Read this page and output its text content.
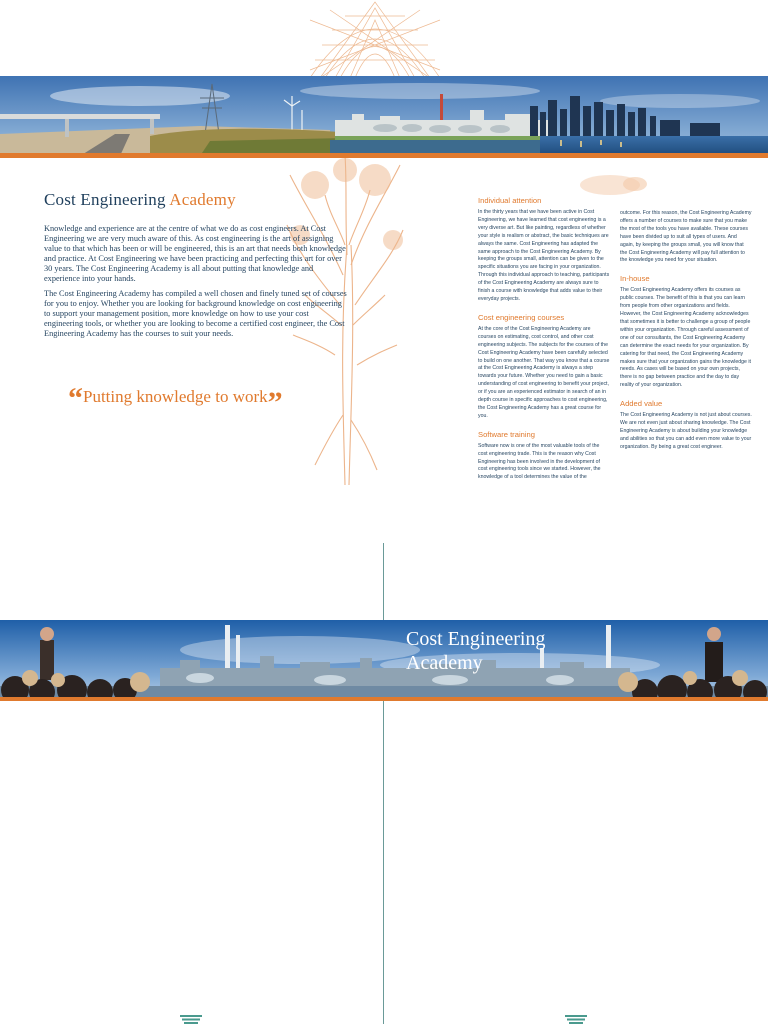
Cost Engineering Academy

Knowledge and experience are at the centre of what we do as cost engineers. At Cost Engineering we are very much aware of this. As cost engineering is the art of assigning value to that which has been or will be engineered, this is an art that needs both knowledge and practice. At Cost Engineering we have been practicing and perfecting this art for over 30 years. The Cost Engineering Academy is all about putting that knowledge and experience into your hands.

The Cost Engineering Academy has compiled a well chosen and finely tuned set of courses for you to enjoy. Whether you are looking for background knowledge on cost engineering to support your management position, more knowledge on how to use your cost engineering tools, or whether you are looking to become a certified cost engineer, the Cost Engineering Academy has the courses to suit your needs.

“Putting knowledge to work”
Individual attention

In the thirty years that we have been active in Cost Engineering, we have learned that cost engineering is a very diverse art. But like painting, regardless of whether your style is realism or abstract, the basic techniques are always the same. Cost Engineering has adapted the same approach to the Cost Engineering Academy. By keeping the groups small, attention can be given to the specific situations you are facing in your organization. Through this individual approach to teaching, participants of the Cost Engineering Academy are always sure to finish a course with knowledge that adds value to their everyday projects.

Cost engineering courses

At the core of the Cost Engineering Academy are courses on estimating, cost control, and other cost engineering subjects. The subjects for the courses of the Cost Engineering Academy have been carefully selected to build on one another. That way you know that a course at the Cost Engineering Academy is always a step towards your future. Whether you need to gain a basic understanding of cost engineering to benefit your project, or if you are an experienced estimator in search of an in depth course in specific approaches to cost engineering, the Cost Engineering Academy has a great course for you.

Software training

Software now is one of the most valuable tools of the cost engineering trade. This is the reason why Cost Engineering has been involved in the development of cost engineering tools since we started. However, the knowledge of a tool determines the value of the

outcome. For this reason, the Cost Engineering Academy offers a number of courses to make sure that you make the most of the tools you have available. These courses have been divided up to suit all types of users. And again, by keeping the groups small, you will know that the Cost Engineering Academy will pay full attention to the knowledge you need for your situation.

In-house

The Cost Engineering Academy offers its courses as public courses. The benefit of this is that you can learn from people from other organizations and fields. However, the Cost Engineering Academy acknowledges that sometimes it is better to challenge a group of people within your organization. Through careful assessment of one of our consultants, the Cost Engineering Academy can determine the exact needs for your organization. By catering for that need, the Cost Engineering Academy makes sure that your organization gains the knowledge it needs. As cases will be based on your own projects, there is no gap between practice and the day to day reality of your organization.

Added value

The Cost Engineering Academy is not just about courses. We are not even just about sharing knowledge. The Cost Engineering Academy is about building your knowledge and abilities so that you can add even more value to your organization. By being a great cost engineer.

Cost Engineering
Academy
